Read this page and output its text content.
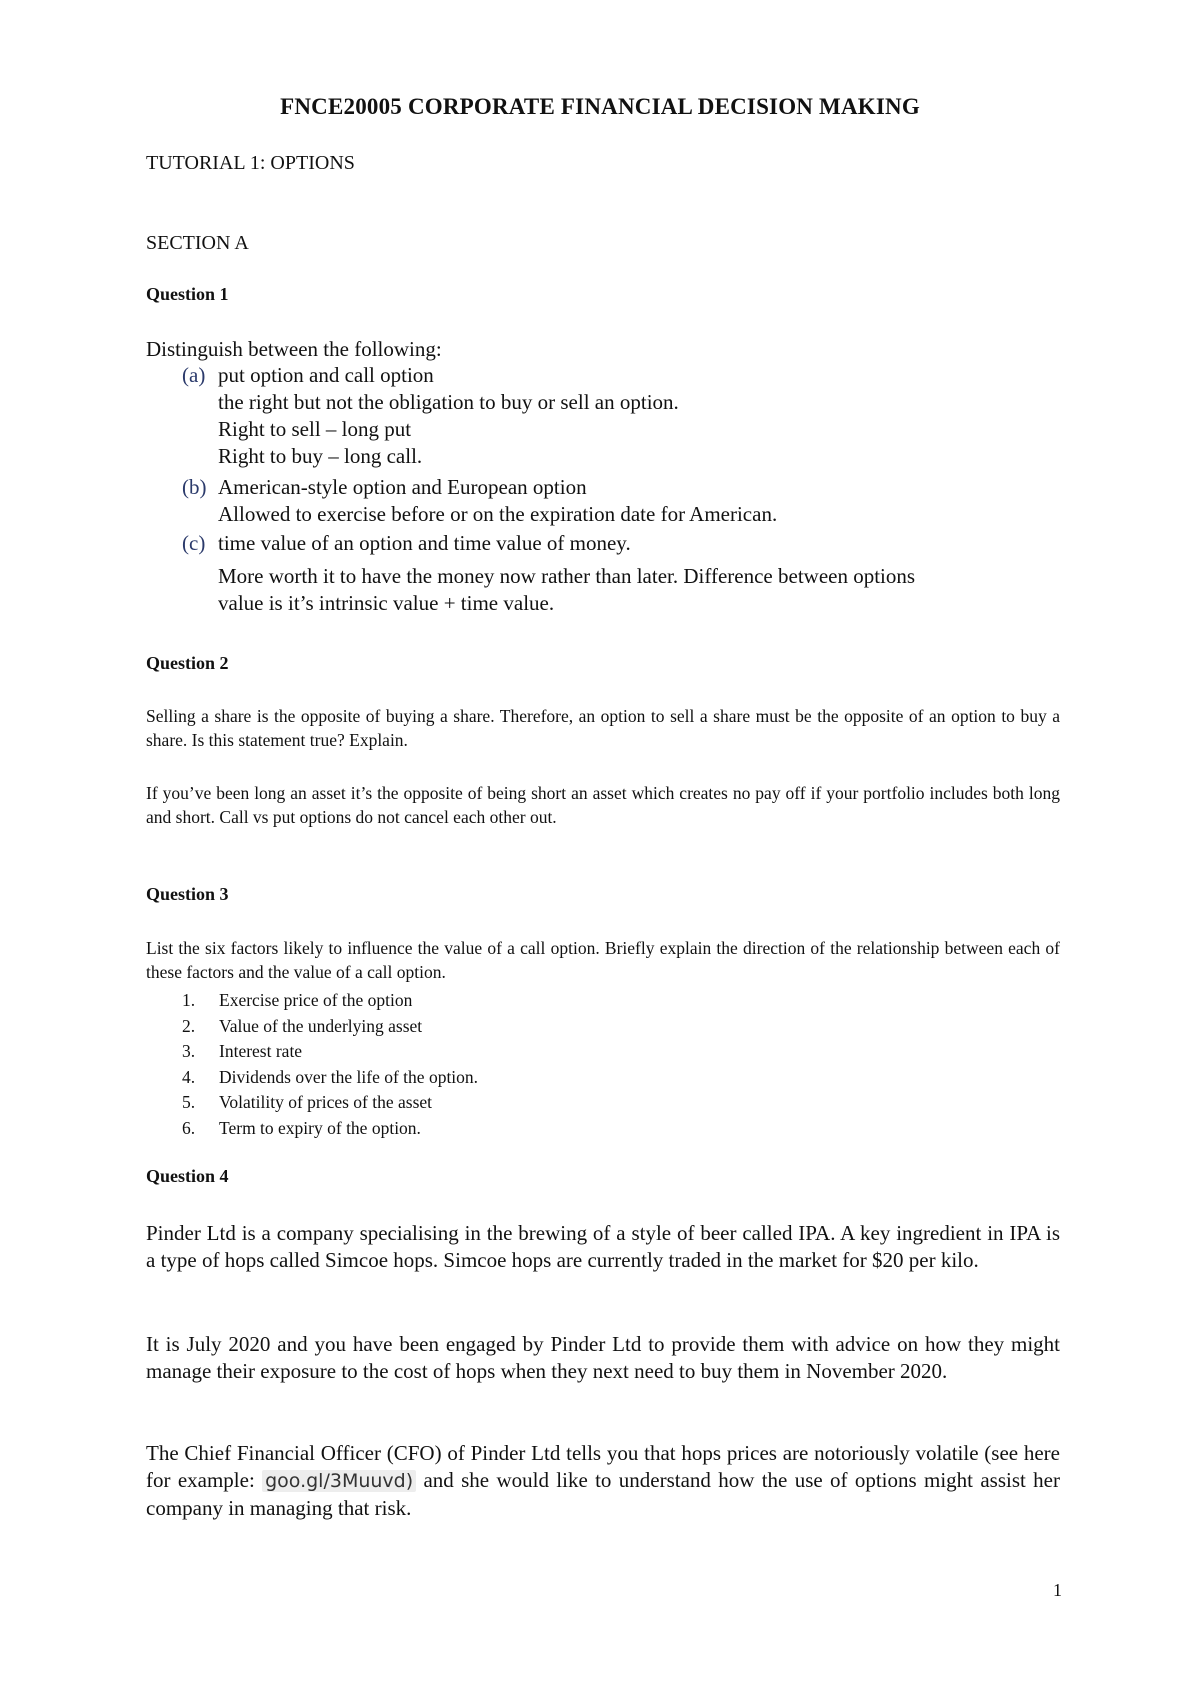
FNCE20005 CORPORATE FINANCIAL DECISION MAKING
TUTORIAL 1: OPTIONS
SECTION A
Question 1
Distinguish between the following:
(a) put option and call option
the right but not the obligation to buy or sell an option.
Right to sell – long put
Right to buy – long call.
(b) American-style option and European option
Allowed to exercise before or on the expiration date for American.
(c) time value of an option and time value of money.
More worth it to have the money now rather than later. Difference between options
value is it’s intrinsic value + time value.
Question 2

Selling a share is the opposite of buying a share. Therefore, an option to sell a share must be the opposite of an option to buy a share. Is this statement true? Explain.

If you’ve been long an asset it’s the opposite of being short an asset which creates no pay off if your portfolio includes both long and short. Call vs put options do not cancel each other out.

Question 3

List the six factors likely to influence the value of a call option. Briefly explain the direction of the relationship between each of these factors and the value of a call option.

1.	Exercise price of the option
2.	Value of the underlying asset
3.	Interest rate
4.	Dividends over the life of the option.
5.	Volatility of prices of the asset
6.	Term to expiry of the option.
Question 4

Pinder Ltd is a company specialising in the brewing of a style of beer called IPA. A key ingredient in IPA is a type of hops called Simcoe hops. Simcoe hops are currently traded in the market for $20 per kilo.

It is July 2020 and you have been engaged by Pinder Ltd to provide them with advice on how they might manage their exposure to the cost of hops when they next need to buy them in November 2020.

The Chief Financial Officer (CFO) of Pinder Ltd tells you that hops prices are notoriously volatile (see here for example: goo.gl/3Muuvd) and she would like to understand how the use of options might assist her company in managing that risk.

1
